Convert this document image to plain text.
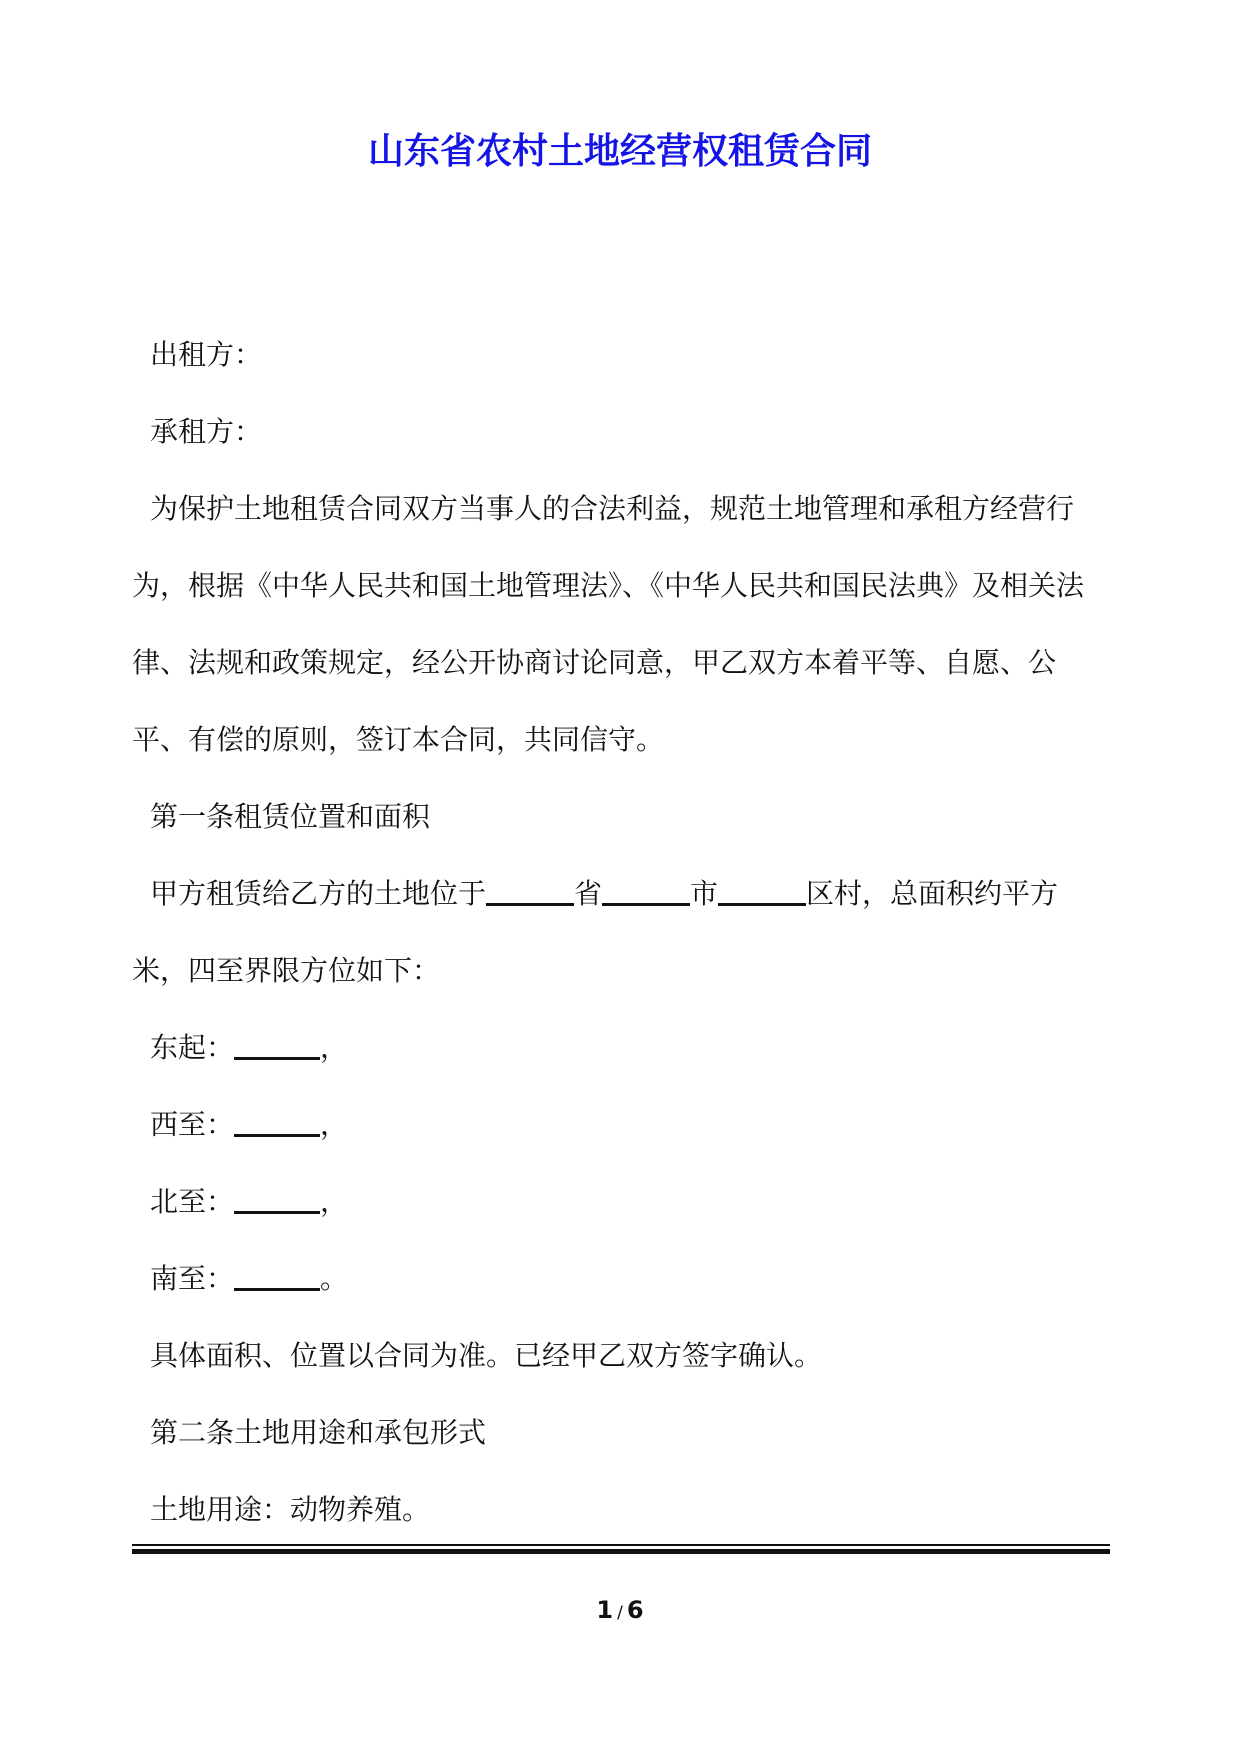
山东省农村土地经营权租赁合同

出租方：

承租方：

为保护土地租赁合同双方当事人的合法利益，规范土地管理和承租方经营行为，根据《中华人民共和国土地管理法》、《中华人民共和国民法典》及相关法律、法规和政策规定，经公开协商讨论同意，甲乙双方本着平等、自愿、公平、有偿的原则，签订本合同，共同信守。

第一条租赁位置和面积

甲方租赁给乙方的土地位于	省	市	区村，总面积约平方米，四至界限方位如下：

东起：	，

西至：	，

北至：	，

南至：	。

具体面积、位置以合同为准。已经甲乙双方签字确认。

第二条土地用途和承包形式

土地用途：动物养殖。

1 / 6
